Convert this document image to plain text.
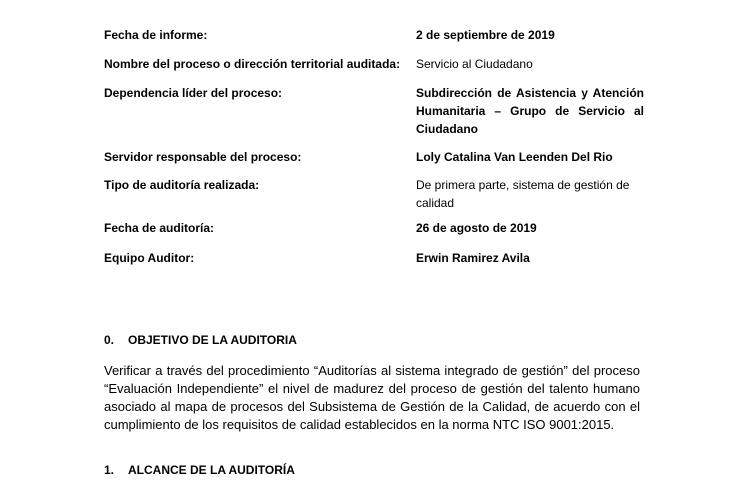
Fecha de informe:	2 de septiembre de 2019
Nombre del proceso o dirección territorial auditada:	Servicio al Ciudadano
Dependencia líder del proceso:	Subdirección de Asistencia y Atención Humanitaria – Grupo de Servicio al Ciudadano
Servidor responsable del proceso:	Loly Catalina Van Leenden Del Rio
Tipo de auditoría realizada:	De primera parte, sistema de gestión de calidad
Fecha de auditoría:	26 de agosto de 2019
Equipo Auditor:	Erwin Ramirez Avila
0. OBJETIVO DE LA AUDITORIA
Verificar a través del procedimiento “Auditorías al sistema integrado de gestión” del proceso “Evaluación Independiente” el nivel de madurez del proceso de gestión del talento humano asociado al mapa de procesos del Subsistema de Gestión de la Calidad, de acuerdo con el cumplimiento de los requisitos de calidad establecidos en la norma NTC ISO 9001:2015.
1. ALCANCE DE LA AUDITORÍA
